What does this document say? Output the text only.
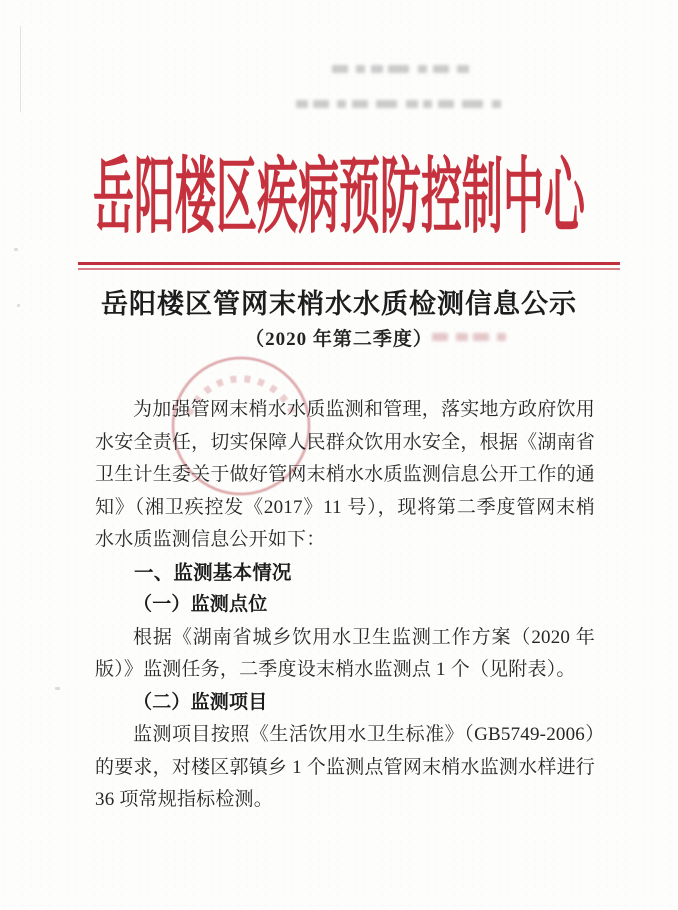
岳阳楼区疾病预防控制中心
岳阳楼区管网末梢水水质检测信息公示
（2020 年第二季度）

为加强管网末梢水水质监测和管理，落实地方政府饮用水安全责任，切实保障人民群众饮用水安全，根据《湖南省卫生计生委关于做好管网末梢水水质监测信息公开工作的通知》（湘卫疾控发《2017》11 号），现将第二季度管网末梢水水质监测信息公开如下：

一、监测基本情况

（一）监测点位

根据《湖南省城乡饮用水卫生监测工作方案（2020 年版）》监测任务，二季度设末梢水监测点 1 个（见附表）。

（二）监测项目

监测项目按照《生活饮用水卫生标准》（GB5749-2006）的要求，对楼区郭镇乡 1 个监测点管网末梢水监测水样进行 36 项常规指标检测。
